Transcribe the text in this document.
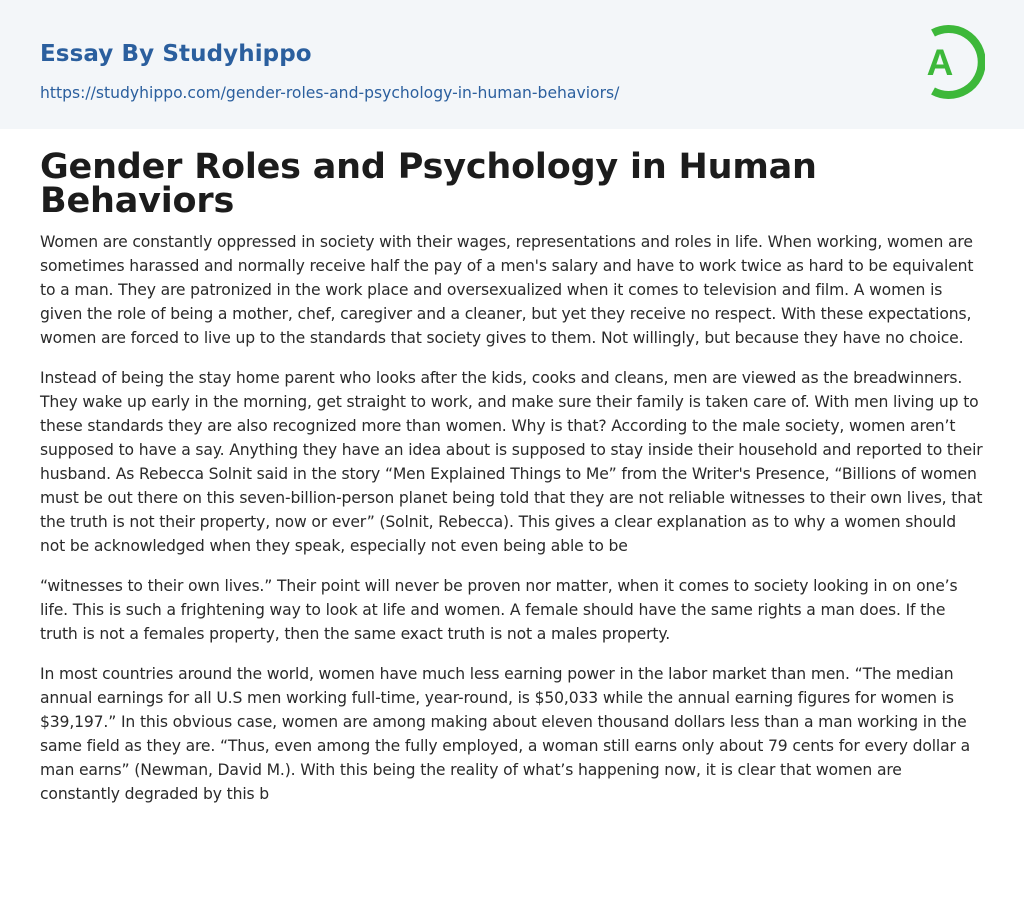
Essay By Studyhippo
https://studyhippo.com/gender-roles-and-psychology-in-human-behaviors/
A
Gender Roles and Psychology in Human Behaviors

Women are constantly oppressed in society with their wages, representations and roles in life. When working, women are sometimes harassed and normally receive half the pay of a men's salary and have to work twice as hard to be equivalent to a man. They are patronized in the work place and oversexualized when it comes to television and film. A women is given the role of being a mother, chef, caregiver and a cleaner, but yet they receive no respect. With these expectations, women are forced to live up to the standards that society gives to them. Not willingly, but because they have no choice.

Instead of being the stay home parent who looks after the kids, cooks and cleans, men are viewed as the breadwinners. They wake up early in the morning, get straight to work, and make sure their family is taken care of. With men living up to these standards they are also recognized more than women. Why is that? According to the male society, women aren’t supposed to have a say. Anything they have an idea about is supposed to stay inside their household and reported to their husband. As Rebecca Solnit said in the story “Men Explained Things to Me” from the Writer's Presence, “Billions of women must be out there on this seven-billion-person planet being told that they are not reliable witnesses to their own lives, that the truth is not their property, now or ever” (Solnit, Rebecca). This gives a clear explanation as to why a women should not be acknowledged when they speak, especially not even being able to be

“witnesses to their own lives.” Their point will never be proven nor matter, when it comes to society looking in on one’s life. This is such a frightening way to look at life and women. A female should have the same rights a man does. If the truth is not a females property, then the same exact truth is not a males property.

In most countries around the world, women have much less earning power in the labor market than men. “The median annual earnings for all U.S men working full-time, year-round, is $50,033 while the annual earning figures for women is $39,197.” In this obvious case, women are among making about eleven thousand dollars less than a man working in the same field as they are. “Thus, even among the fully employed, a woman still earns only about 79 cents for every dollar a man earns” (Newman, David M.). With this being the reality of what’s happening now, it is clear that women are constantly degraded by this b
